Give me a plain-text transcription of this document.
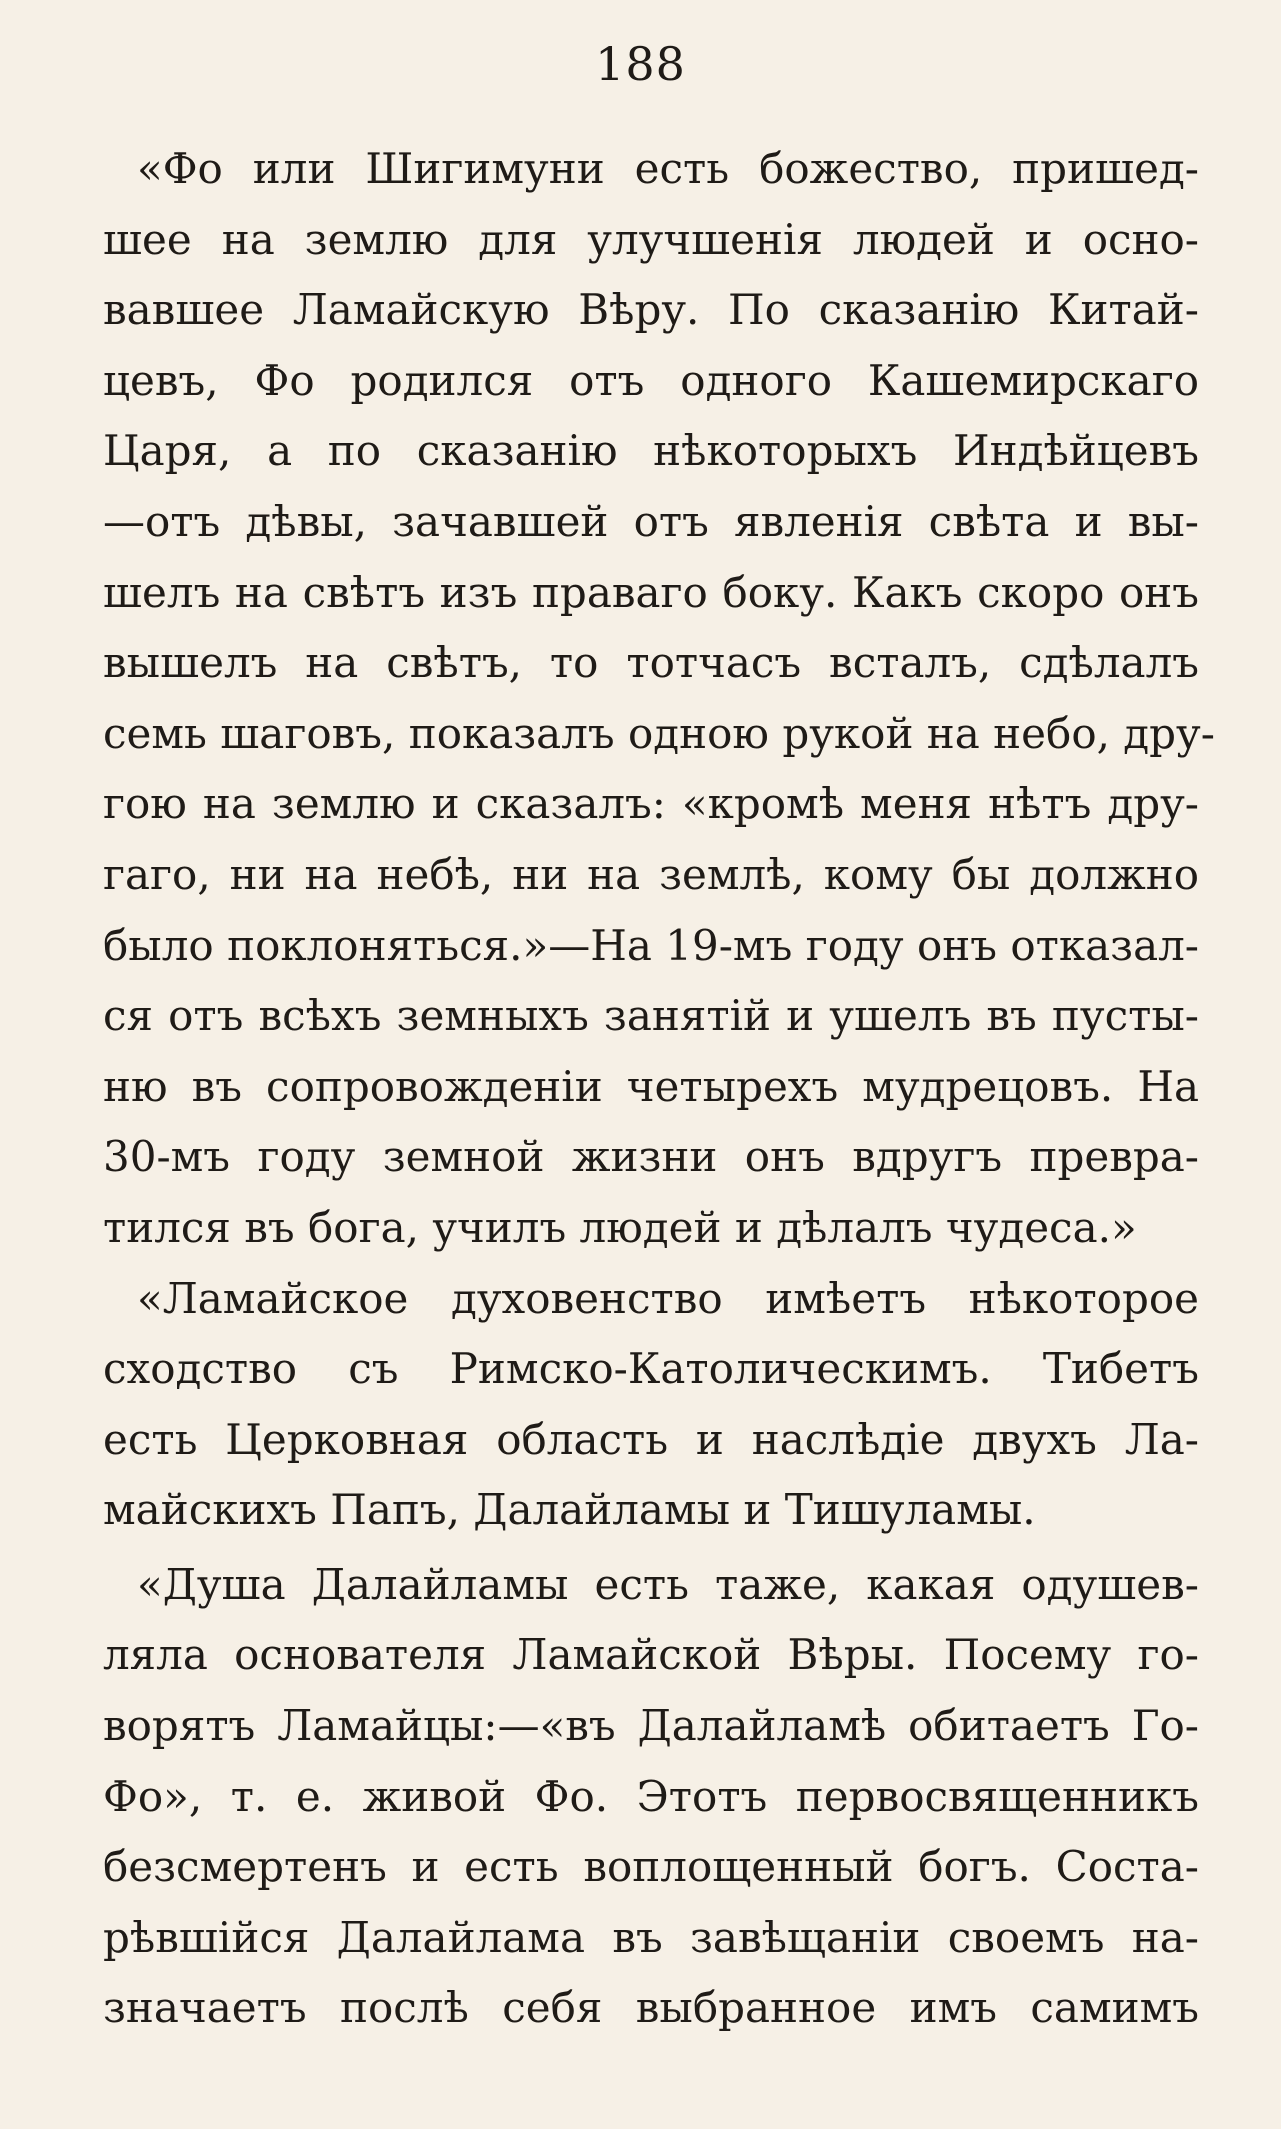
188
«Фо или Шигимуни есть божество, пришед-
шее на землю для улучшенія людей и осно-
вавшее Ламайскую Вѣру. По сказанію Китай-
цевъ, Фо родился отъ одного Кашемирскаго
Царя, а по сказанію нѣкоторыхъ Индѣйцевъ
—отъ дѣвы, зачавшей отъ явленія свѣта и вы-
шелъ на свѣтъ изъ праваго боку. Какъ скоро онъ
вышелъ на свѣтъ, то тотчасъ всталъ, сдѣлалъ
семь шаговъ, показалъ одною рукой на небо, дру-
гою на землю и сказалъ: «кромѣ меня нѣтъ дру-
гаго, ни на небѣ, ни на землѣ, кому бы должно
было поклоняться.»—На 19-мъ году онъ отказал-
ся отъ всѣхъ земныхъ занятій и ушелъ въ пусты-
ню въ сопровожденіи четырехъ мудрецовъ. На
30-мъ году земной жизни онъ вдругъ превра-
тился въ бога, училъ людей и дѣлалъ чудеса.»
«Ламайское духовенство имѣетъ нѣкоторое
сходство съ Римско-Католическимъ. Тибетъ
есть Церковная область и наслѣдіе двухъ Ла-
майскихъ Папъ, Далайламы и Тишуламы.
«Душа Далайламы есть таже, какая одушев-
ляла основателя Ламайской Вѣры. Посему го-
ворятъ Ламайцы:—«въ Далайламѣ обитаетъ Го-
Фо», т. е. живой Фо. Этотъ первосвященникъ
безсмертенъ и есть воплощенный богъ. Соста-
рѣвшійся Далайлама въ завѣщаніи своемъ на-
значаетъ послѣ себя выбранное имъ самимъ
